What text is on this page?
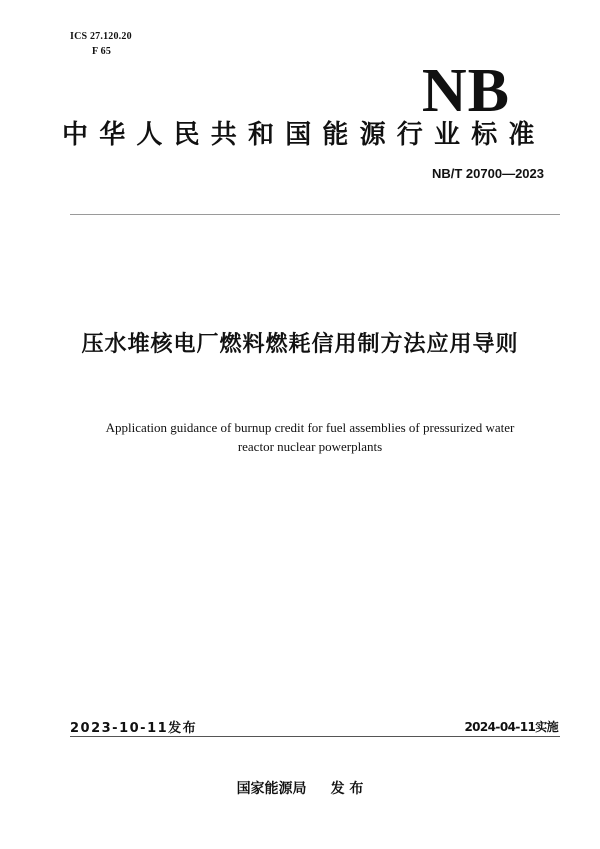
ICS 27.120.20
F 65
NB
中华人民共和国能源行业标准
NB/T 20700—2023
压水堆核电厂燃料燃耗信用制方法应用导则
Application guidance of burnup credit for fuel assemblies of pressurized water
reactor nuclear powerplants
2023-10-11发布	2024-04-11实施
国家能源局 发 布
